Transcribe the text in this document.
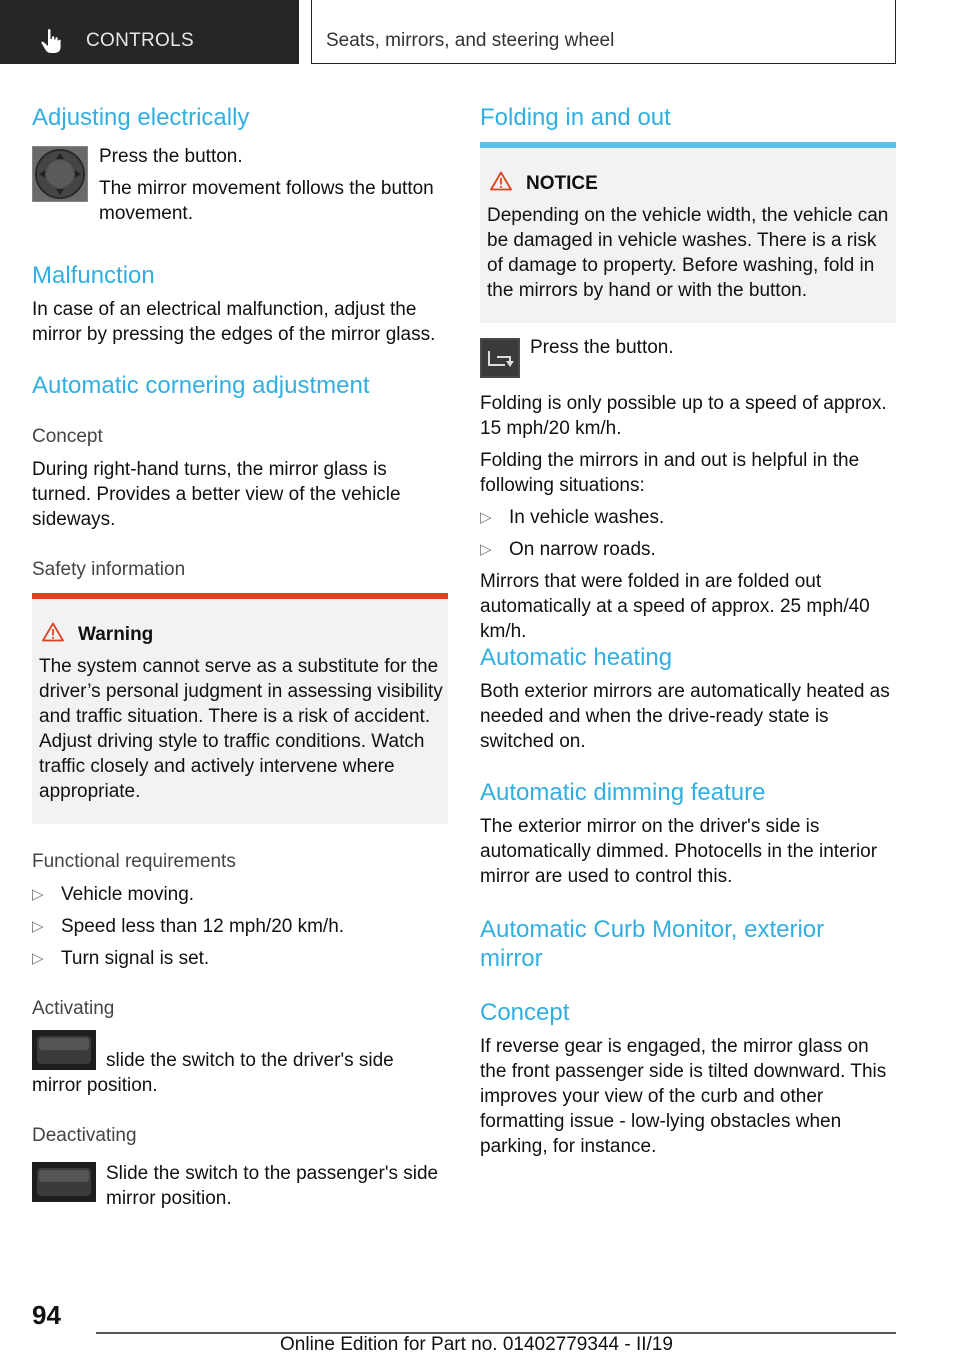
CONTROLS	Seats, mirrors, and steering wheel
Adjusting electrically
Press the button.
The mirror movement follows the button movement.
Malfunction
In case of an electrical malfunction, adjust the mirror by pressing the edges of the mirror glass.
Automatic cornering adjustment
Concept
During right-hand turns, the mirror glass is turned. Provides a better view of the vehicle sideways.
Safety information
Warning
The system cannot serve as a substitute for the driver’s personal judgment in assessing visibility and traffic situation. There is a risk of accident. Adjust driving style to traffic conditions. Watch traffic closely and actively intervene where appropriate.
Functional requirements
▷ Vehicle moving.
▷ Speed less than 12 mph/20 km/h.
▷ Turn signal is set.
Activating
slide the switch to the driver's side mirror position.
Deactivating
Slide the switch to the passenger's side mirror position.
Folding in and out
NOTICE
Depending on the vehicle width, the vehicle can be damaged in vehicle washes. There is a risk of damage to property. Before washing, fold in the mirrors by hand or with the button.
Press the button.
Folding is only possible up to a speed of approx. 15 mph/20 km/h.
Folding the mirrors in and out is helpful in the following situations:
▷ In vehicle washes.
▷ On narrow roads.
Mirrors that were folded in are folded out automatically at a speed of approx. 25 mph/40 km/h.
Automatic heating
Both exterior mirrors are automatically heated as needed and when the drive-ready state is switched on.
Automatic dimming feature
The exterior mirror on the driver's side is automatically dimmed. Photocells in the interior mirror are used to control this.
Automatic Curb Monitor, exterior
mirror
Concept
If reverse gear is engaged, the mirror glass on the front passenger side is tilted downward. This improves your view of the curb and other formatting issue - low-lying obstacles when parking, for instance.
94
Online Edition for Part no. 01402779344 - II/19
